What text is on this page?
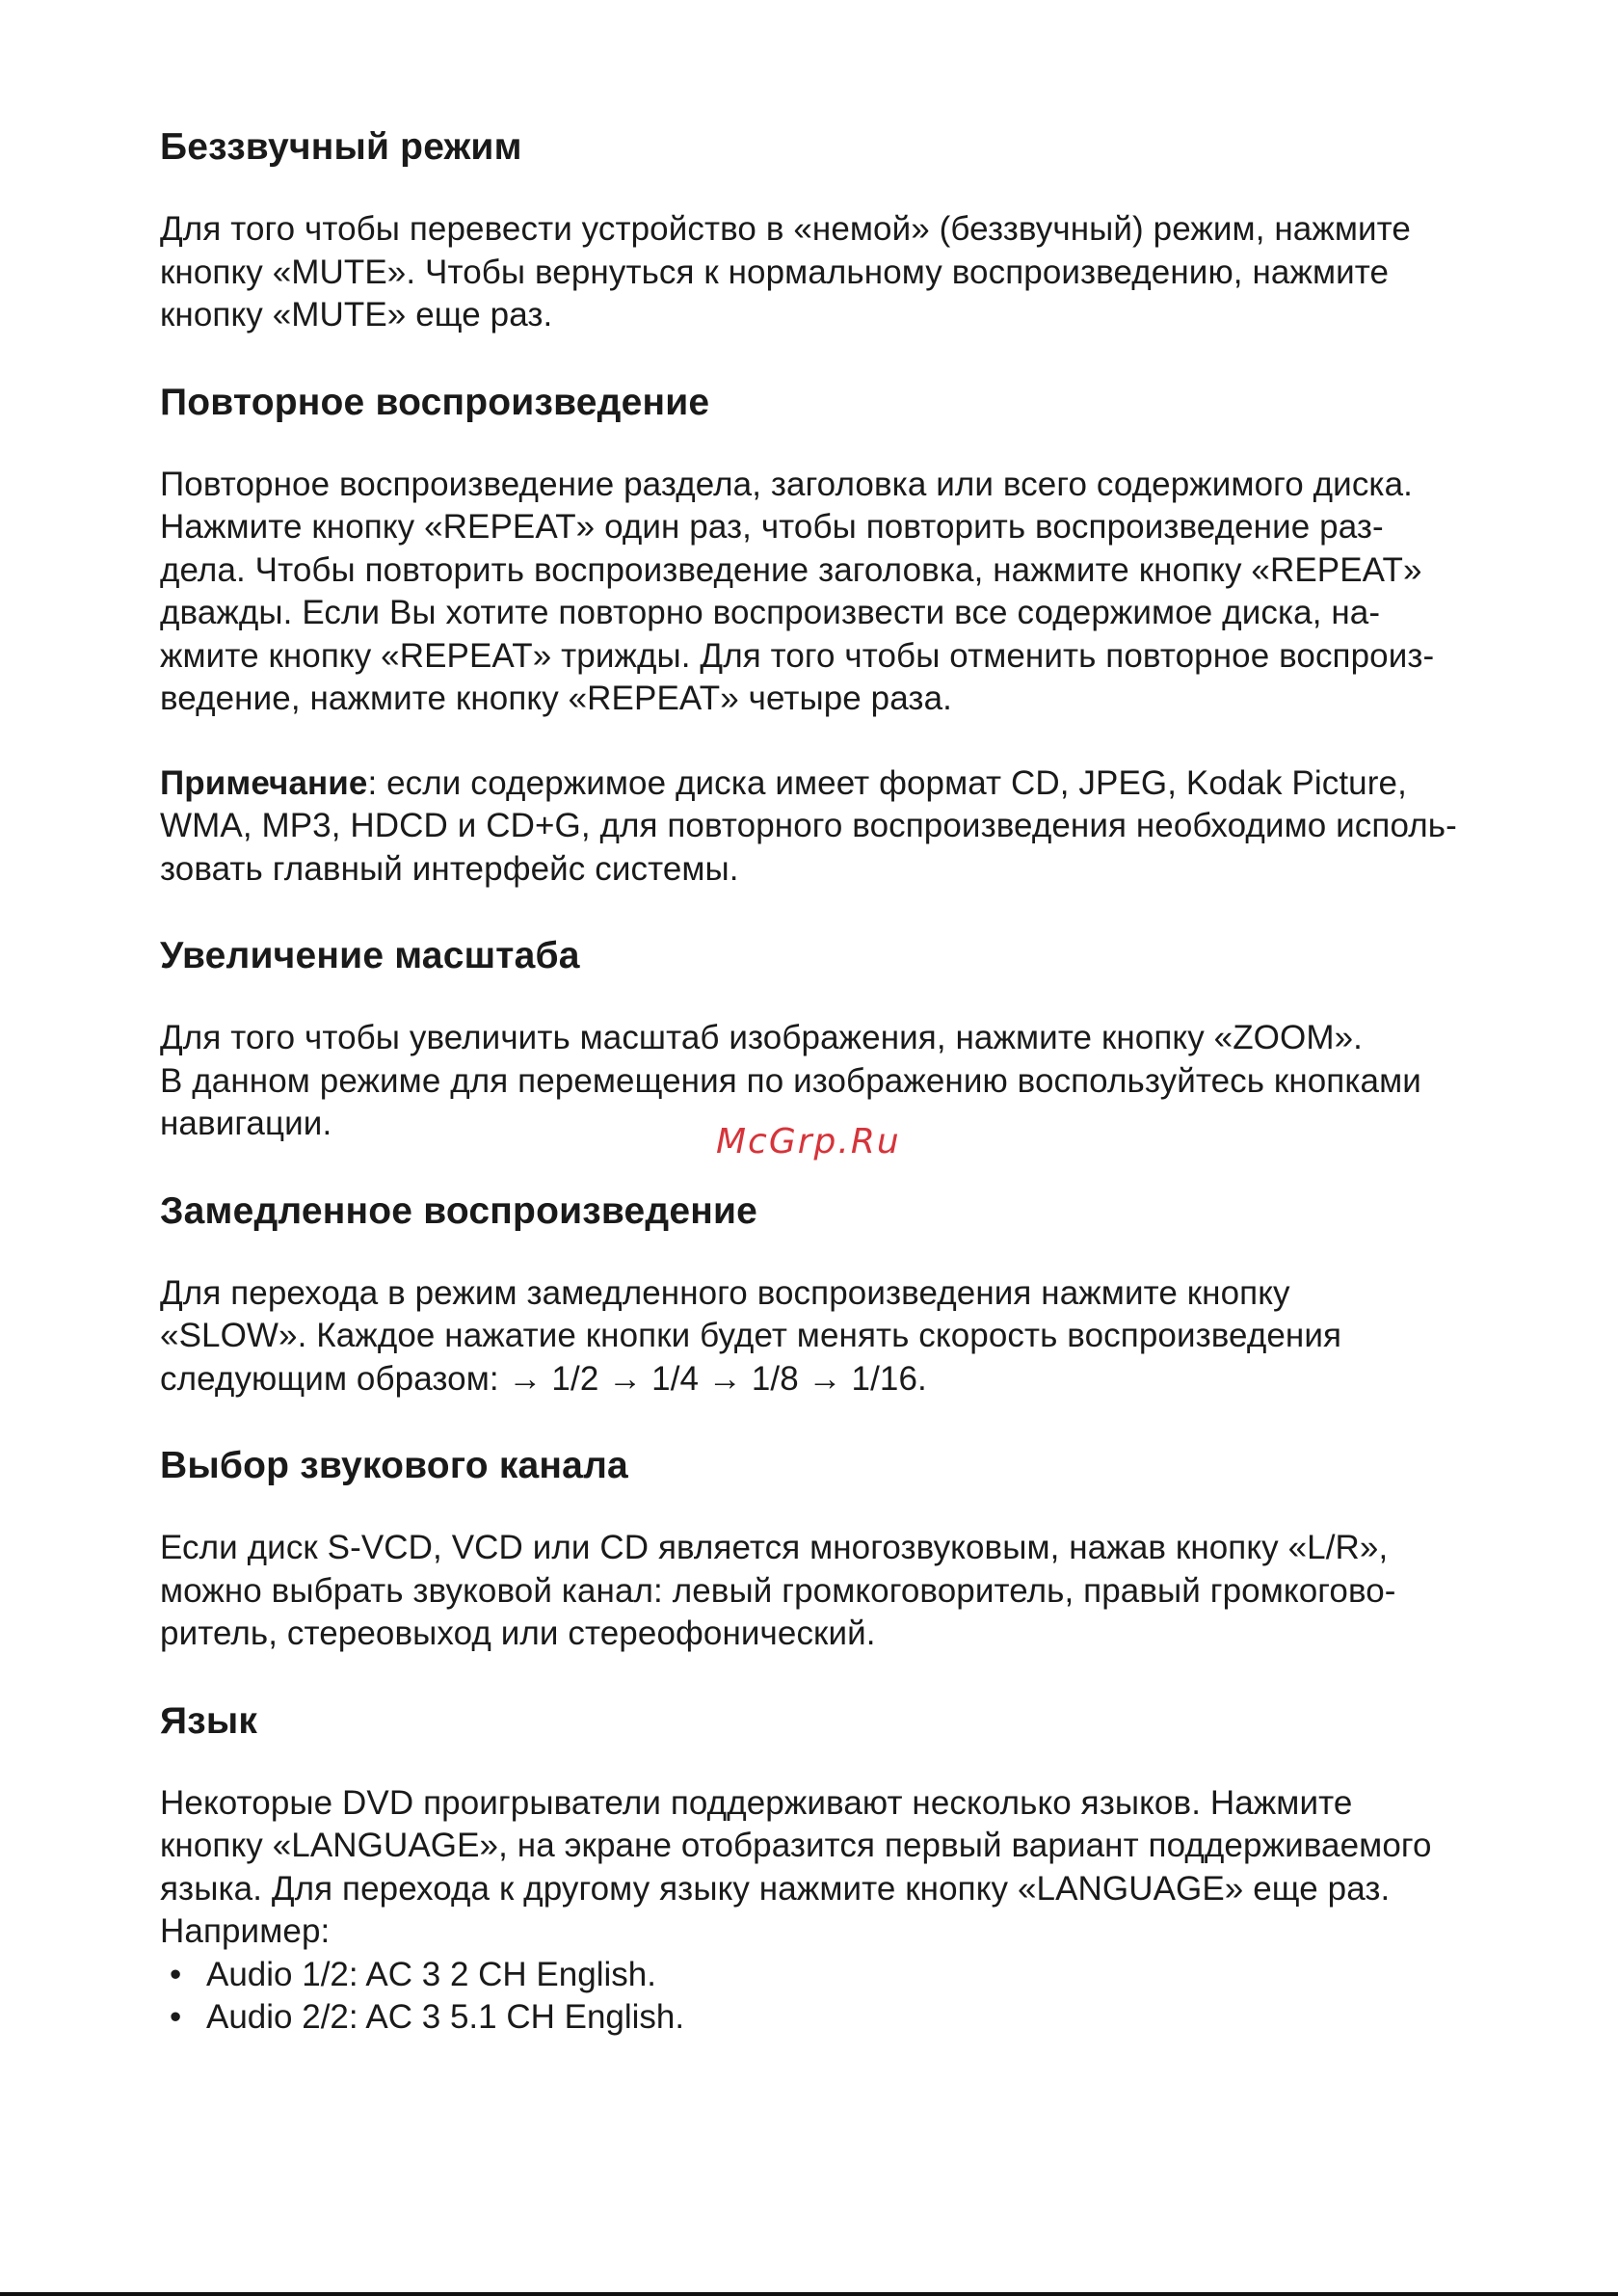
Беззвучный режим

Для того чтобы перевести устройство в «немой» (беззвучный) режим, нажмите
кнопку «MUTE». Чтобы вернуться к нормальному воспроизведению, нажмите
кнопку «MUTE» еще раз.

Повторное воспроизведение

Повторное воспроизведение раздела, заголовка или всего содержимого диска.
Нажмите кнопку «REPEAT» один раз, чтобы повторить воспроизведение раз-
дела. Чтобы повторить воспроизведение заголовка, нажмите кнопку «REPEAT»
дважды. Если Вы хотите повторно воспроизвести все содержимое диска, на-
жмите кнопку «REPEAT» трижды. Для того чтобы отменить повторное воспроиз-
ведение, нажмите кнопку «REPEAT» четыре раза.

Примечание: если содержимое диска имеет формат CD, JPEG, Kodak Picture,
WMA, MP3, HDCD и CD+G, для повторного воспроизведения необходимо исполь-
зовать главный интерфейс системы.

Увеличение масштаба

Для того чтобы увеличить масштаб изображения, нажмите кнопку «ZOOM».
В данном режиме для перемещения по изображению воспользуйтесь кнопками
навигации.

Замедленное воспроизведение

Для перехода в режим замедленного воспроизведения нажмите кнопку
«SLOW». Каждое нажатие кнопки будет менять скорость воспроизведения
следующим образом: → 1/2 → 1/4 → 1/8 → 1/16.

Выбор звукового канала

Если диск S-VCD, VCD или CD является многозвуковым, нажав кнопку «L/R»,
можно выбрать звуковой канал: левый громкоговоритель, правый громкогово-
ритель, стереовыход или стереофонический.

Язык

Некоторые DVD проигрыватели поддерживают несколько языков. Нажмите
кнопку «LANGUAGE», на экране отобразится первый вариант поддерживаемого
языка. Для перехода к другому языку нажмите кнопку «LANGUAGE» еще раз.
Например:

• Audio 1/2: AC 3 2 CH English.
• Audio 2/2: AC 3 5.1 CH English.
McGrp.Ru
